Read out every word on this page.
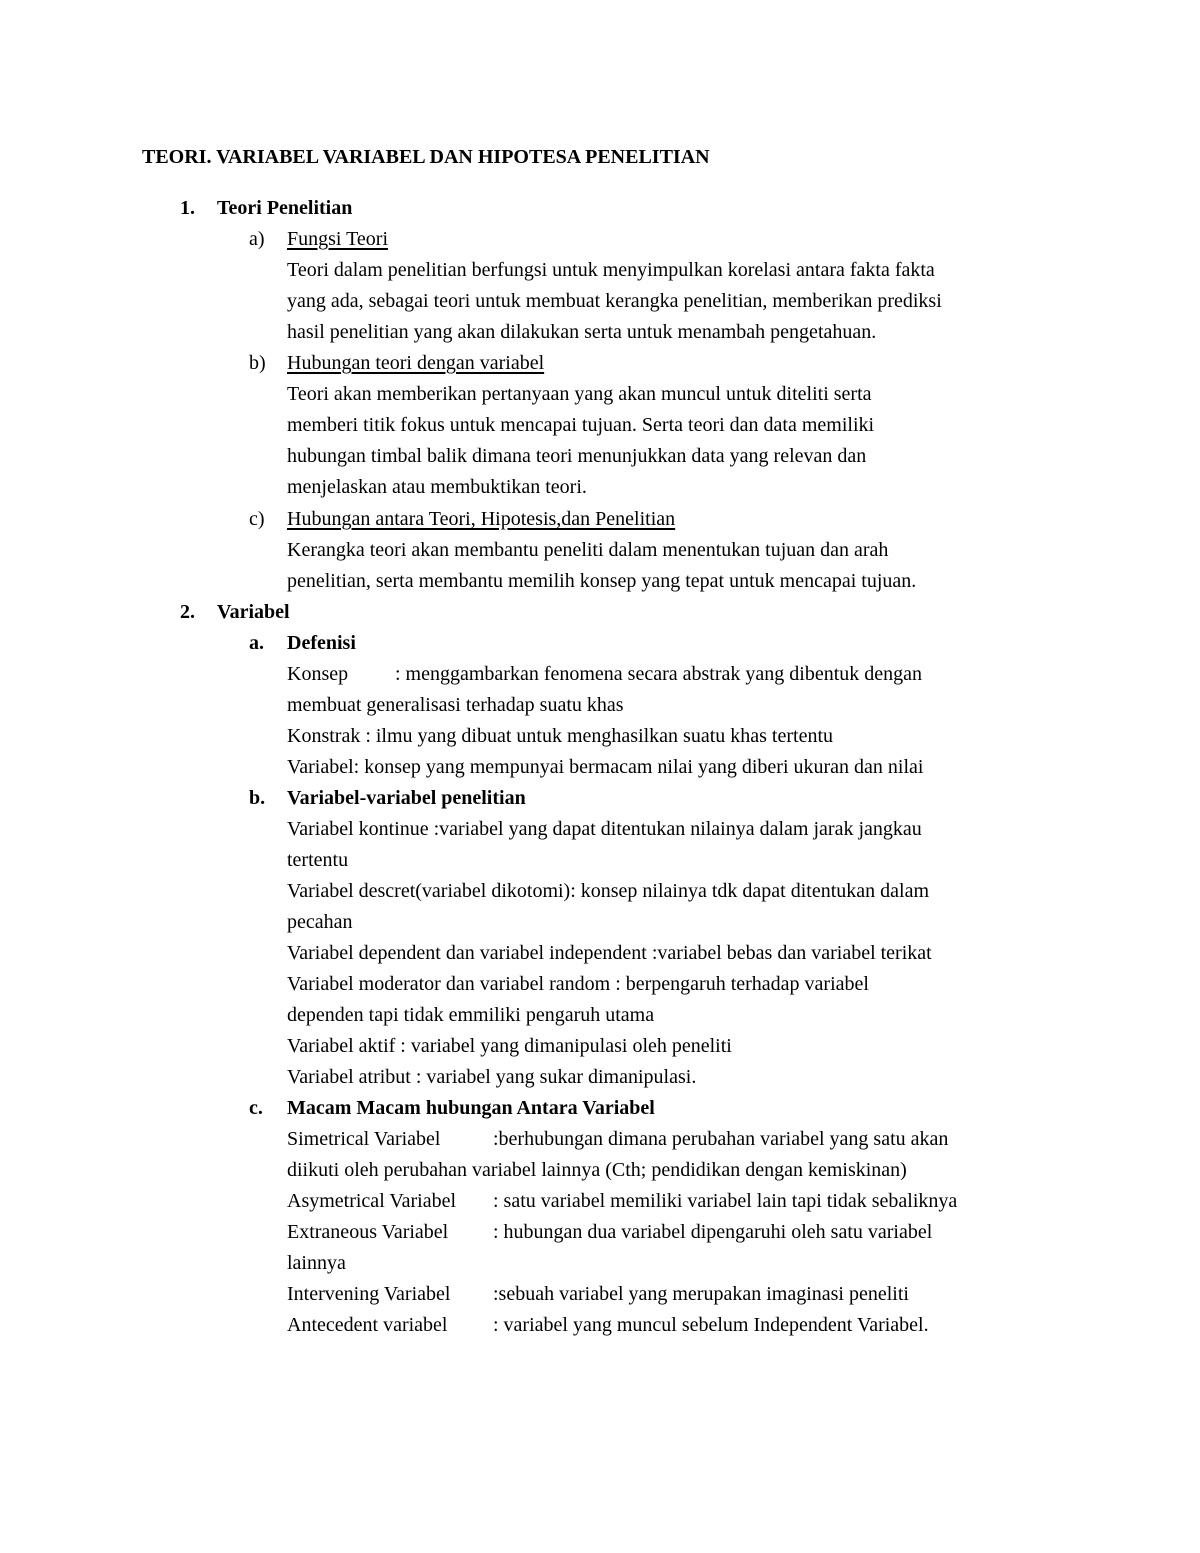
TEORI. VARIABEL VARIABEL DAN HIPOTESA PENELITIAN
1. Teori Penelitian
a) Fungsi Teori
Teori dalam penelitian berfungsi untuk menyimpulkan korelasi antara fakta fakta
yang ada, sebagai teori untuk membuat kerangka penelitian, memberikan prediksi
hasil penelitian yang akan dilakukan serta untuk menambah pengetahuan.
b) Hubungan teori dengan variabel
Teori akan memberikan pertanyaan yang akan muncul untuk diteliti serta
memberi titik fokus untuk mencapai tujuan. Serta teori dan data memiliki
hubungan timbal balik dimana teori menunjukkan data yang relevan dan
menjelaskan atau membuktikan teori.
c) Hubungan antara Teori, Hipotesis,dan Penelitian
Kerangka teori akan membantu peneliti dalam menentukan tujuan dan arah
penelitian, serta membantu memilih konsep yang tepat untuk mencapai tujuan.
2. Variabel
a. Defenisi
Konsep : menggambarkan fenomena secara abstrak yang dibentuk dengan
membuat generalisasi terhadap suatu khas
Konstrak : ilmu yang dibuat untuk menghasilkan suatu khas tertentu
Variabel: konsep yang mempunyai bermacam nilai yang diberi ukuran dan nilai
b. Variabel-variabel penelitian
Variabel kontinue :variabel yang dapat ditentukan nilainya dalam jarak jangkau
tertentu
Variabel descret(variabel dikotomi): konsep nilainya tdk dapat ditentukan dalam
pecahan
Variabel dependent dan variabel independent :variabel bebas dan variabel terikat
Variabel moderator dan variabel random : berpengaruh terhadap variabel
dependen tapi tidak emmiliki pengaruh utama
Variabel aktif : variabel yang dimanipulasi oleh peneliti
Variabel atribut : variabel yang sukar dimanipulasi.
c. Macam Macam hubungan Antara Variabel
Simetrical Variabel	:berhubungan dimana perubahan variabel yang satu akan
diikuti oleh perubahan variabel lainnya (Cth; pendidikan dengan kemiskinan)
Asymetrical Variabel : satu variabel memiliki variabel lain tapi tidak sebaliknya
Extraneous Variabel : hubungan dua variabel dipengaruhi oleh satu variabel
lainnya
Intervening Variabel :sebuah variabel yang merupakan imaginasi peneliti
Antecedent variabel : variabel yang muncul sebelum Independent Variabel.
